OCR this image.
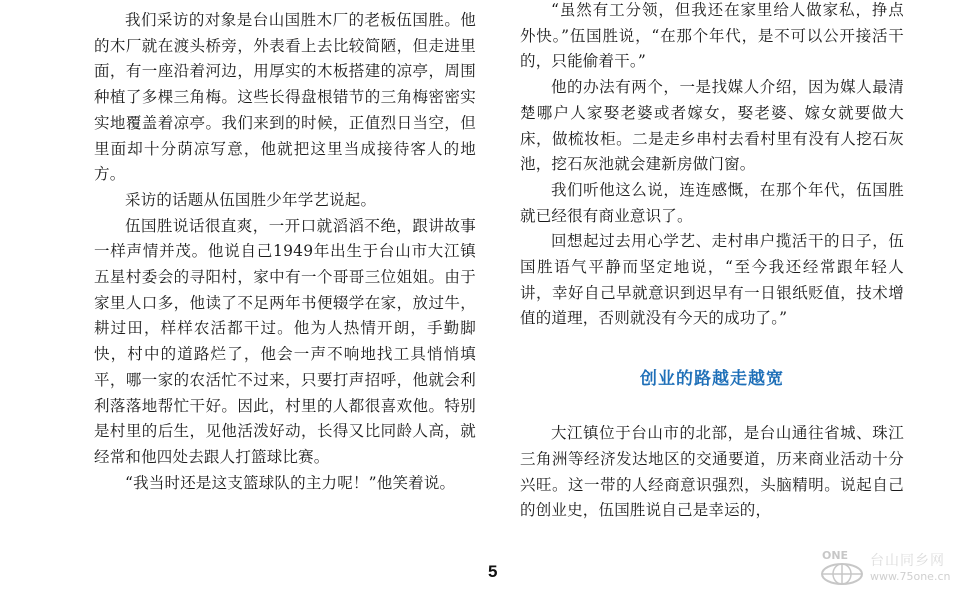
我们采访的对象是台山国胜木厂的老板伍国胜。他的木厂就在渡头桥旁，外表看上去比较简陋，但走进里面，有一座沿着河边，用厚实的木板搭建的凉亭，周围种植了多棵三角梅。这些长得盘根错节的三角梅密密实实地覆盖着凉亭。我们来到的时候，正值烈日当空，但里面却十分荫凉写意，他就把这里当成接待客人的地方。

采访的话题从伍国胜少年学艺说起。

伍国胜说话很直爽，一开口就滔滔不绝，跟讲故事一样声情并茂。他说自己1949年出生于台山市大江镇五星村委会的寻阳村，家中有一个哥哥三位姐姐。由于家里人口多，他读了不足两年书便辍学在家，放过牛，耕过田，样样农活都干过。他为人热情开朗，手勤脚快，村中的道路烂了，他会一声不响地找工具悄悄填平，哪一家的农活忙不过来，只要打声招呼，他就会利利落落地帮忙干好。因此，村里的人都很喜欢他。特别是村里的后生，见他活泼好动，长得又比同龄人高，就经常和他四处去跟人打篮球比赛。

“我当时还是这支篮球队的主力呢！”他笑着说。

“虽然有工分领，但我还在家里给人做家私，挣点外快。”伍国胜说，“在那个年代，是不可以公开接活干的，只能偷着干。”

他的办法有两个，一是找媒人介绍，因为媒人最清楚哪户人家娶老婆或者嫁女，娶老婆、嫁女就要做大床，做梳妆柜。二是走乡串村去看村里有没有人挖石灰池，挖石灰池就会建新房做门窗。

我们听他这么说，连连感慨，在那个年代，伍国胜就已经很有商业意识了。

回想起过去用心学艺、走村串户揽活干的日子，伍国胜语气平静而坚定地说，“至今我还经常跟年轻人讲，幸好自己早就意识到迟早有一日银纸贬值，技术增值的道理，否则就没有今天的成功了。”

创业的路越走越宽

大江镇位于台山市的北部，是台山通往省城、珠江三角洲等经济发达地区的交通要道，历来商业活动十分兴旺。这一带的人经商意识强烈，头脑精明。说起自己的创业史，伍国胜说自己是幸运的，

5
ONE 台山同乡网
www.75one.cn
